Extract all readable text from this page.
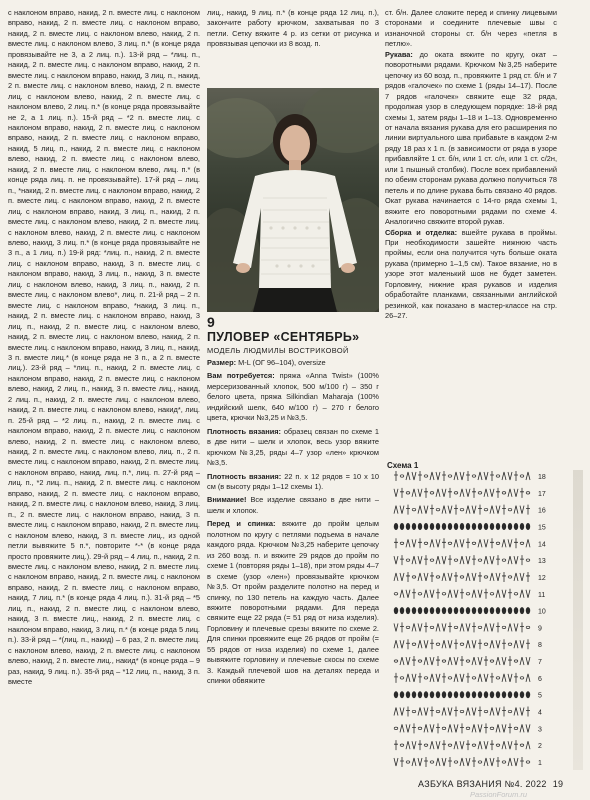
с наклоном вправо, накид, 2 п. вместе лиц. с наклоном вправо, накид, 2 п. вместе лиц. с наклоном вправо, накид, 2 п. вместе лиц. с наклоном влево, накид, 2 п. вместе лиц. с наклоном влево, 3 лиц. п.* (в конце ряда провязывайте не 3, а 2 лиц. п.). 13-й ряд – *лиц. п., накид, 2 п. вместе лиц. с наклоном вправо, накид, 2 п. вместе лиц. с наклоном вправо, накид, 3 лиц. п., накид, 2 п. вместе лиц. с наклоном влево, накид, 2 п. вместе лиц. с наклоном влево, накид, 2 п. вместе лиц. с наклоном влево, 2 лиц. п.* (в конце ряда провязывайте не 2, а 1 лиц. п.). 15-й ряд – *2 п. вместе лиц. с наклоном вправо, накид, 2 п. вместе лиц. с наклоном вправо, накид, 2 п. вместе лиц. с наклоном вправо, накид, 5 лиц. п., накид, 2 п. вместе лиц. с наклоном влево, накид, 2 п. вместе лиц. с наклоном влево, накид, 2 п. вместе лиц. с наклоном влево, лиц. п.* (в конце ряда лиц. п. не провязывайте). 17-й ряд – лиц. п., *накид, 2 п. вместе лиц. с наклоном вправо, накид, 2 п. вместе лиц. с наклоном вправо, накид, 2 п. вместе лиц. с наклоном вправо, накид, 3 лиц. п., накид, 2 п. вместе лиц. с наклоном влево, накид, 2 п. вместе лиц. с наклоном влево, накид, 2 п. вместе лиц. с наклоном влево, накид, 3 лиц. п.* (в конце ряда провязывайте не 3 п., а 1 лиц. п.) 19-й ряд: *лиц. п., накид, 2 п. вместе лиц. с наклоном вправо, накид, 3 п. вместе лиц. с наклоном вправо, накид, 3 лиц. п., накид, 3 п. вместе лиц. с наклоном влево, накид, 3 лиц. п., накид, 2 п. вместе лиц. с наклоном влево*, лиц. п. 21-й ряд – 2 п. вместе лиц. с наклоном вправо, *накид, 3 лиц. п., накид, 2 п. вместе лиц. с наклоном вправо, накид, 3 лиц. п., накид, 2 п. вместе лиц. с наклоном влево, накид, 2 п. вместе лиц. с наклоном влево, накид, 2 п. вместе лиц. с наклоном вправо, накид, 3 лиц. п., накид, 3 п. вместе лиц.* (в конце ряда не 3 п., а 2 п. вместе лиц.). 23-й ряд – *лиц. п., накид, 2 п. вместе лиц. с наклоном вправо, накид, 2 п. вместе лиц. с наклоном влево, накид, 2 лиц. п., накид, 3 п. вместе лиц., накид, 2 лиц. п., накид, 2 п. вместе лиц. с наклоном влево, накид, 2 п. вместе лиц. с наклоном влево, накид*, лиц. п. 25-й ряд – *2 лиц. п., накид, 2 п. вместе лиц. с наклоном вправо, накид, 2 п. вместе лиц. с наклоном влево, накид, 2 п. вместе лиц. с наклоном влево, накид, 2 п. вместе лиц. с наклоном влево, лиц. п., 2 п. вместе лиц. с наклоном вправо, накид, 2 п. вместе лиц. с наклоном вправо, накид, лиц. п.*, лиц. п. 27-й ряд – лиц. п., *2 лиц. п., накид, 2 п. вместе лиц. с наклоном вправо, накид, 2 п. вместе лиц. с наклоном вправо, накид, 2 п. вместе лиц. с наклоном влево, накид, 3 лиц. п., 2 п. вместе лиц. с наклоном вправо, накид, 3 п. вместе лиц. с наклоном вправо, накид, 2 п. вместе лиц. с наклоном влево, накид, 3 п. вместе лиц., из одной петли вывяжите 5 п.*, повторите *-* (в конце ряда просто провяжите лиц.). 29-й ряд – 4 лиц. п., накид, 2 п. вместе лиц. с наклоном влево, накид, 2 п. вместе лиц. с наклоном вправо, накид, 2 п. вместе лиц. с наклоном вправо, накид, 2 п. вместе лиц. с наклоном вправо, накид, 7 лиц. п.* (в конце ряда 4 лиц. п.). 31-й ряд – *5 лиц. п., накид, 2 п. вместе лиц. с наклоном влево, накид, 3 п. вместе лиц., накид, 2 п. вместе лиц. с наклоном вправо, накид, 3 лиц. п.* (в конце ряда 5 лиц. п.). 33-й ряд – *(лиц. п., накид) – 6 раз, 2 п. вместе лиц. с наклоном влево, накид, 2 п. вместе лиц. с наклоном влево, накид, 2 п. вместе лиц., накид* (в конце ряда – 9 раз, накид, 9 лиц. п.). 35-й ряд – *12 лиц. п., накид, 3 п. вместе

лиц., накид, 9 лиц. п.* (в конце ряда 12 лиц. п.), закончите работу крючком, захватывая по 3 петли. Сетку вяжите 4 р. из сетки от рисунка и провязывая цепочки из 8 возд. п.

9
ПУЛОВЕР «СЕНТЯБРЬ»
МОДЕЛЬ ЛЮДМИЛЫ ВОСТРИКОВОЙ

Размер: M-L (ОГ 96–104), oversize

Вам потребуется: пряжа «Anna Twist» (100% мерсеризованный хлопок, 500 м/100 г) – 350 г белого цвета, пряжа Silkindian Maharaja (100% индийский шелк, 640 м/100 г) – 270 г белого цвета, крючки №3,25 и №3,5.

Плотность вязания: образец связан по схеме 1 в две нити – шелк и хлопок, весь узор вяжите крючком №3,25, ряды 4–7 узор «лен» крючком №3,5.

Плотность вязания: 22 п. х 12 рядов = 10 х 10 см (в высоту ряды 1–12 схемы 1).

Внимание! Все изделие связано в две нити – шелк и хлопок.

Перед и спинка: вяжите до пройм целым полотном по кругу с петлями подъема в начале каждого ряда. Крючком №3,25 наберите цепочку из 260 возд. п. и вяжите 29 рядов до пройм по схеме 1 (повторяя ряды 1–18), при этом ряды 4–7 в схеме (узор «лен») провязывайте крючком №3,5. От пройм разделите полотно на перед и спинку, по 130 петель на каждую часть. Далее вяжите поворотными рядами. Для переда свяжите еще 22 ряда (= 51 ряд от низа изделия). Горловину и плечевые срезы вяжите по схеме 2. Для спинки провяжите еще 26 рядов от пройм (= 55 рядов от низа изделия) по схеме 1, далее вывяжите горловину и плечевые скосы по схеме 3. Каждый плечевой шов на деталях переда и спинки обвяжите

ст. б/н. Далее сложите перед и спинку лицевыми сторонами и соедините плечевые швы с изнаночной стороны ст. б/н через «петля в петлю».

Рукава: до оката вяжите по кругу, окат – поворотными рядами. Крючком №3,25 наберите цепочку из 60 возд. п., провяжите 1 ряд ст. б/н и 7 рядов «галочек» по схеме 1 (ряды 14–17). После 7 рядов «галочек» свяжите еще 32 ряда, продолжая узор в следующем порядке: 18-й ряд схемы 1, затем ряды 1–18 и 1–13. Одновременно от начала вязания рукава для его расширения по линии виртуального шва прибавьте в каждом 2-м ряду 18 раз х 1 п. (в зависимости от ряда в узоре прибавляйте 1 ст. б/н, или 1 ст. с/н, или 1 ст. с/2н, или 1 пышный столбик). После всех прибавлений по обеим сторонам рукава должно получиться 78 петель и по длине рукава быть связано 40 рядов. Окат рукава начинается с 14-го ряда схемы 1, вяжите его поворотными рядами по схеме 4. Аналогично свяжите второй рукав.

Сборка и отделка: вшейте рукава в проймы. При необходимости зашейте нижнюю часть проймы, если она получится чуть больше оката рукава (примерно 1–1,5 см). Такое вязание, но в узоре этот маленький шов не будет заметен. Горловину, нижние края рукавов и изделия обработайте планками, связанными английской резинкой, как показано в мастер-классе на стр. 26–27.

Схема 1
18
17
16
15
14
13
12
11
10
9
8
7
6
5
4
3
2
1
АЗБУКА ВЯЗАНИЯ №4. 2022 19
PassionForum.ru
